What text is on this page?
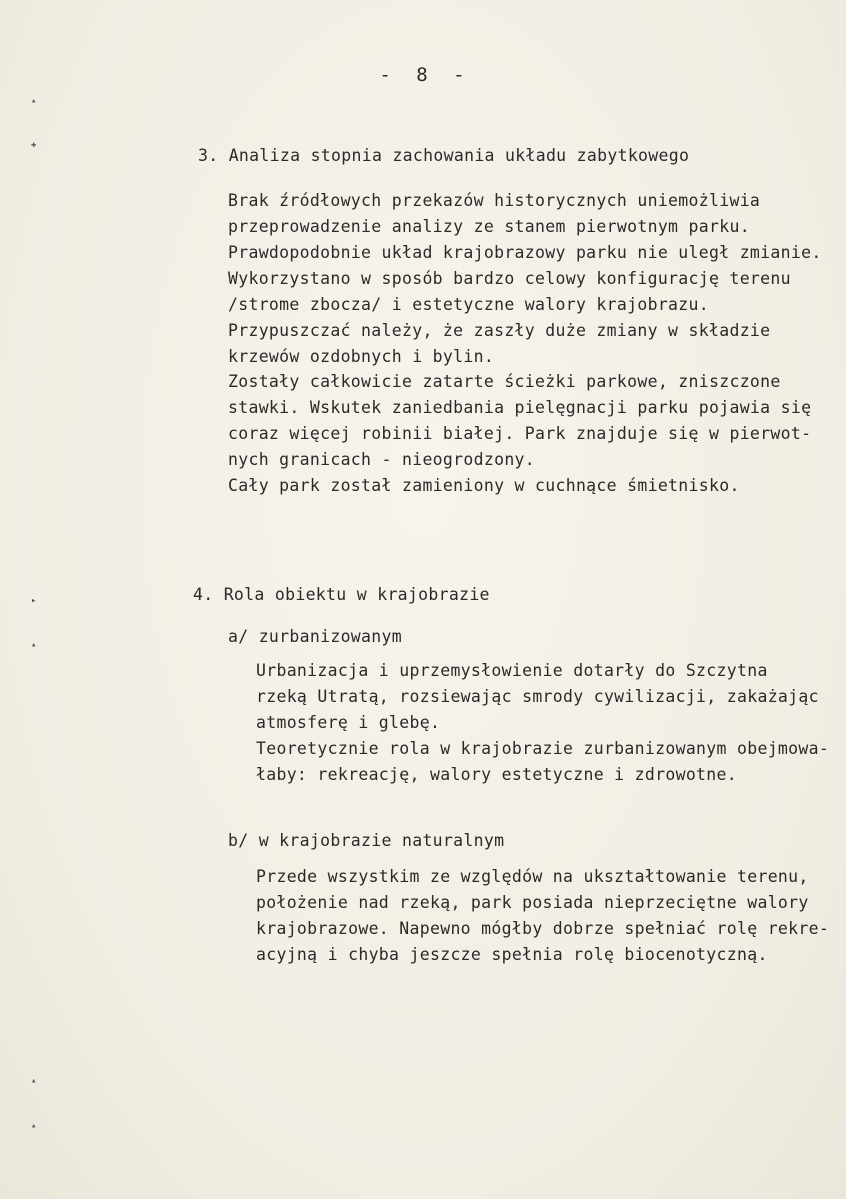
- 8 -
▴
✚
▸
▴
▴
▴
3. Analiza stopnia zachowania układu zabytkowego
Brak źródłowych przekazów historycznych uniemożliwia
przeprowadzenie analizy ze stanem pierwotnym parku.
Prawdopodobnie układ krajobrazowy parku nie uległ zmianie.
Wykorzystano w sposób bardzo celowy konfigurację terenu
/strome zbocza/ i estetyczne walory krajobrazu.
Przypuszczać należy, że zaszły duże zmiany w składzie
krzewów ozdobnych i bylin.
Zostały całkowicie zatarte ścieżki parkowe, zniszczone
stawki. Wskutek zaniedbania pielęgnacji parku pojawia się
coraz więcej robinii białej. Park znajduje się w pierwot-
nych granicach - nieogrodzony.
Cały park został zamieniony w cuchnące śmietnisko.
4. Rola obiektu w krajobrazie
a/ zurbanizowanym
Urbanizacja i uprzemysłowienie dotarły do Szczytna
rzeką Utratą, rozsiewając smrody cywilizacji, zakażając
atmosferę i glebę.
Teoretycznie rola w krajobrazie zurbanizowanym obejmowa-
łaby: rekreację, walory estetyczne i zdrowotne.
b/ w krajobrazie naturalnym
Przede wszystkim ze względów na ukształtowanie terenu,
położenie nad rzeką, park posiada nieprzeciętne walory
krajobrazowe. Napewno mógłby dobrze spełniać rolę rekre-
acyjną i chyba jeszcze spełnia rolę biocenotyczną.
